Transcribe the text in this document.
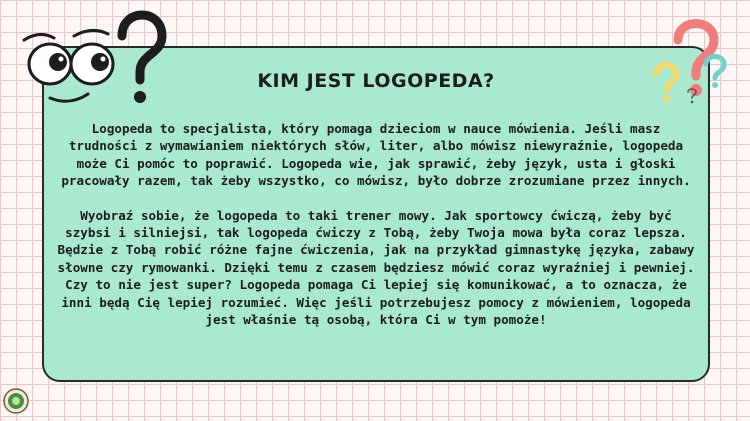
KIM JEST LOGOPEDA?

Logopeda to specjalista, który pomaga dzieciom w nauce mówienia. Jeśli masz trudności z wymawianiem niektórych słów, liter, albo mówisz niewyraźnie, logopeda może Ci pomóc to poprawić. Logopeda wie, jak sprawić, żeby język, usta i głoski pracowały razem, tak żeby wszystko, co mówisz, było dobrze zrozumiane przez innych.

Wyobraź sobie, że logopeda to taki trener mowy. Jak sportowcy ćwiczą, żeby być szybsi i silniejsi, tak logopeda ćwiczy z Tobą, żeby Twoja mowa była coraz lepsza. Będzie z Tobą robić różne fajne ćwiczenia, jak na przykład gimnastykę języka, zabawy słowne czy rymowanki. Dzięki temu z czasem będziesz mówić coraz wyraźniej i pewniej.

Czy to nie jest super? Logopeda pomaga Ci lepiej się komunikować, a to oznacza, że inni będą Cię lepiej rozumieć. Więc jeśli potrzebujesz pomocy z mówieniem, logopeda jest właśnie tą osobą, która Ci w tym pomoże!
